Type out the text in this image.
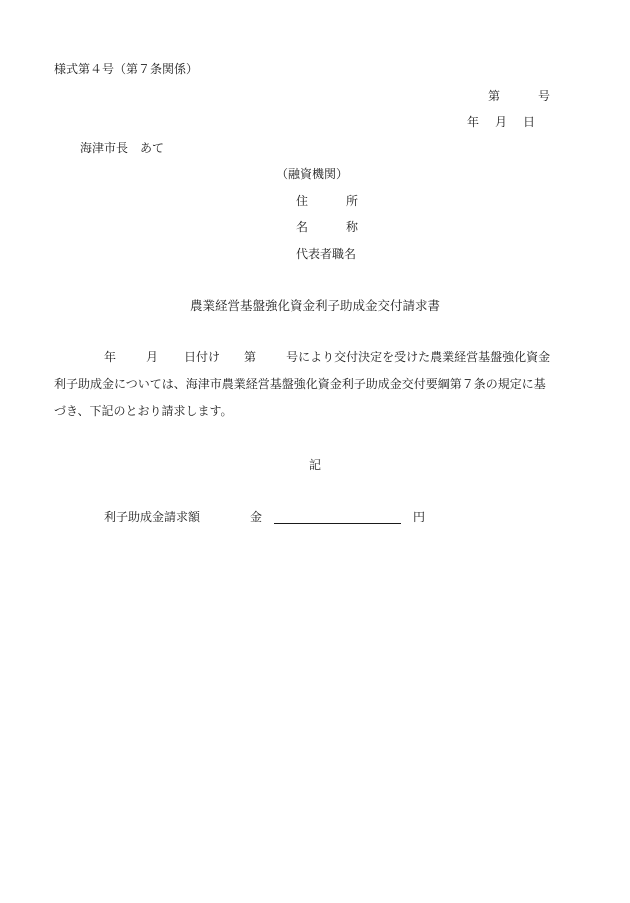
様式第４号（第７条関係）
第	号
年 月 日
海津市長　あて
（融資機関）
住	所
名	称
代表者職名
農業経営基盤強化資金利子助成金交付請求書
年	月 日付け 第	号により交付決定を受けた農業経営基盤強化資金
利子助成金については、海津市農業経営基盤強化資金利子助成金交付要綱第７条の規定に基
づき、下記のとおり請求します。
記
利子助成金請求額	金	円
